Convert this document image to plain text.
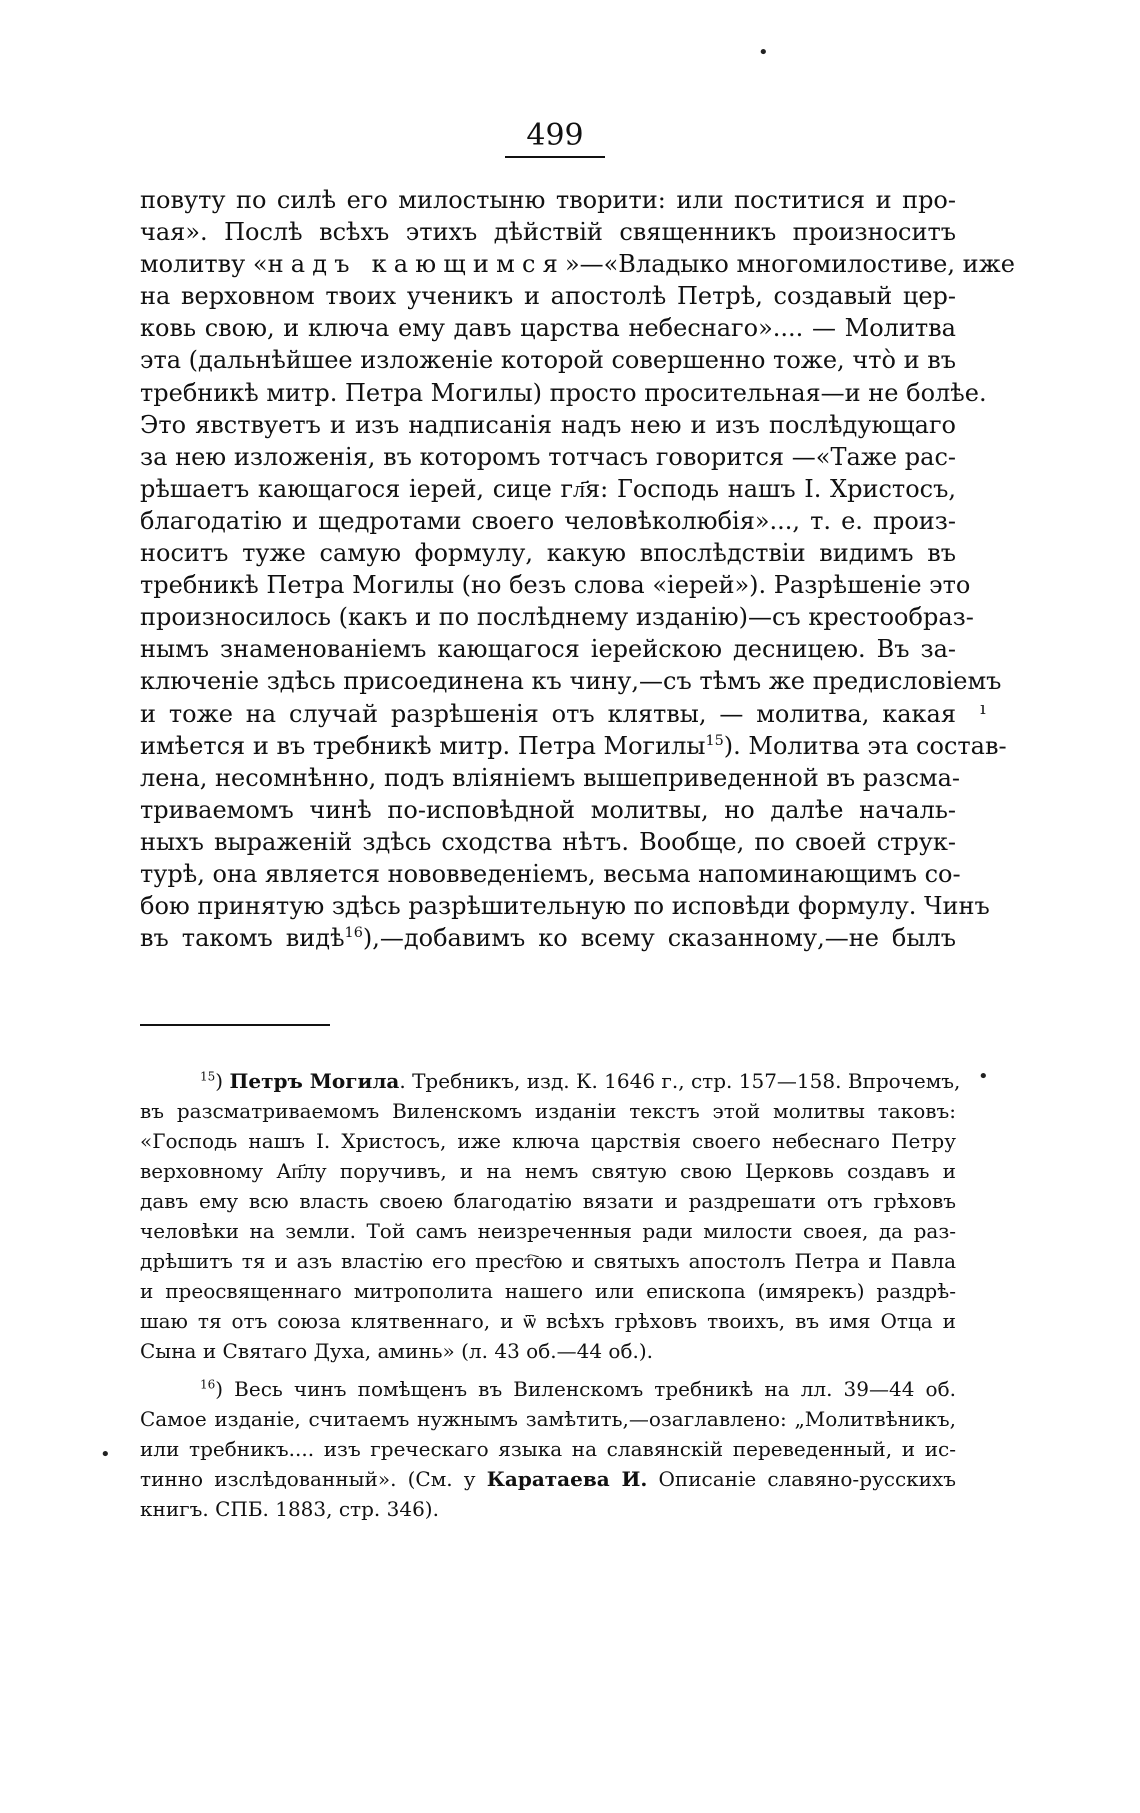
•
ı
•
•
499

повуту по силѣ его милостыню творити: или поститися и про-
чая». Послѣ всѣхъ этихъ дѣйствій священникъ произноситъ
молитву «надъ кающимся»—«Владыко многомилостиве, иже
на верховном твоих ученикъ и апостолѣ Петрѣ, создавый цер-
ковь свою, и ключа ему давъ царства небеснаго».... — Молитва
эта (дальнѣйшее изложеніе которой совершенно тоже, чтò и въ
требникѣ митр. Петра Могилы) просто просительная—и не болѣе.
Это явствуетъ и изъ надписанія надъ нею и изъ послѣдующаго
за нею изложенія, въ которомъ тотчасъ говорится —«Таже рас-
рѣшаетъ кающагося іерей, сице гл҃я: Господь нашъ І. Христосъ,
благодатію и щедротами своего человѣколюбія»..., т. е. произ-
носитъ туже самую формулу, какую впослѣдствіи видимъ въ
требникѣ Петра Могилы (но безъ слова «іерей»). Разрѣшеніе это
произносилось (какъ и по послѣднему изданію)—съ крестообраз-
нымъ знаменованіемъ кающагося іерейскою десницею. Въ за-
ключеніе здѣсь присоединена къ чину,—съ тѣмъ же предисловіемъ
и тоже на случай разрѣшенія отъ клятвы, — молитва, какая
имѣется и въ требникѣ митр. Петра Могилы$^{15}$). Молитва эта состав-
лена, несомнѣнно, подъ вліяніемъ вышеприведенной въ разсма-
триваемомъ чинѣ по-исповѣдной молитвы, но далѣе началь-
ныхъ выраженій здѣсь сходства нѣтъ. Вообще, по своей струк-
турѣ, она является нововведеніемъ, весьма напоминающимъ со-
бою принятую здѣсь разрѣшительную по исповѣди формулу. Чинъ
въ такомъ видѣ$^{16}$),—добавимъ ко всему сказанному,—не былъ

$^{15}$) Петръ Могила. Требникъ, изд. К. 1646 г., стр. 157—158. Впрочемъ,
въ разсматриваемомъ Виленскомъ изданіи текстъ этой молитвы таковъ:
«Господь нашъ І. Христосъ, иже ключа царствія своего небеснаго Петру
верховному Ап҃лу поручивъ, и на немъ святую свою Церковь создавъ и
давъ ему всю власть своею благодатію вязати и раздрешати отъ грѣховъ
человѣки на земли. Той самъ неизреченныя ради милости своея, да раз-
дрѣшитъ тя и азъ властію его прест҇ою и святыхъ апостолъ Петра и Павла
и преосвященнаго митрополита нашего или епископа (имярекъ) раздрѣ-
шаю тя отъ союза клятвеннаго, и ѿ всѣхъ грѣховъ твоихъ, въ имя Отца и
Сына и Святаго Духа, аминь» (л. 43 об.—44 об.).

$^{16}$) Весь чинъ помѣщенъ въ Виленскомъ требникѣ на лл. 39—44 об.
Самое изданіе, считаемъ нужнымъ замѣтить,—озаглавлено: „Молитвѣникъ,
или требникъ.... изъ греческаго языка на славянскій переведенный, и ис-
тинно изслѣдованный». (См. у Каратаева И. Описаніе славяно-русскихъ
книгъ. СПБ. 1883, стр. 346).
